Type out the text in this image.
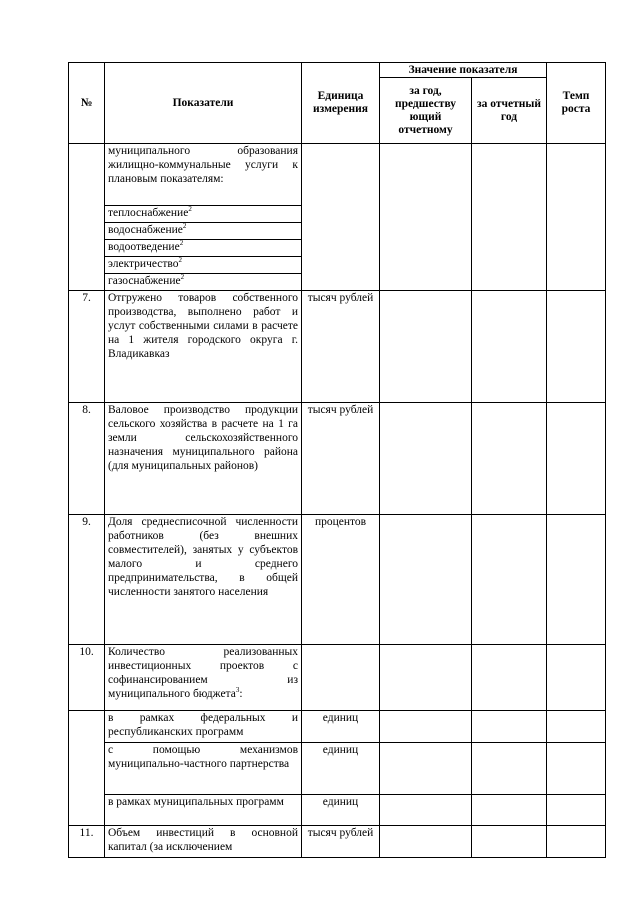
№	Показатели	Единица измерения	Значение показателя		Темп роста
			за год, предшеству ющий отчетному	за отчетный год	
	муниципального образования жилищно-коммунальные услуги к плановым показателям:				
	теплоснабжение$^2$
	водоснабжение$^2$
	водоотведение$^2$
	электричество$^2$
	газоснабжение$^2$
7.	Отгружено товаров собственного производства, выполнено работ и услут собственными силами в расчете на 1 жителя городского округа г. Владикавказ	тысяч рублей			
8.	Валовое производство продукции сельского хозяйства в расчете на 1 га земли сельскохозяйственного назначения муниципального района (для муниципальных районов)	тысяч рублей			
9.	Доля среднесписочной численности работников (без внешних совместителей), занятых у субъектов малого и среднего предпринимательства, в общей численности занятого населения	процентов			
10.	Количество реализованных инвестиционных проектов с софинансированием из муниципального бюджета$^3$:				
	в рамках федеральных и республиканских программ	единиц			
	с помощью механизмов муниципально-частного партнерства	единиц			
	в рамках муниципальных программ	единиц			
11.	Объем инвестиций в основной капитал (за исключением	тысяч рублей			
